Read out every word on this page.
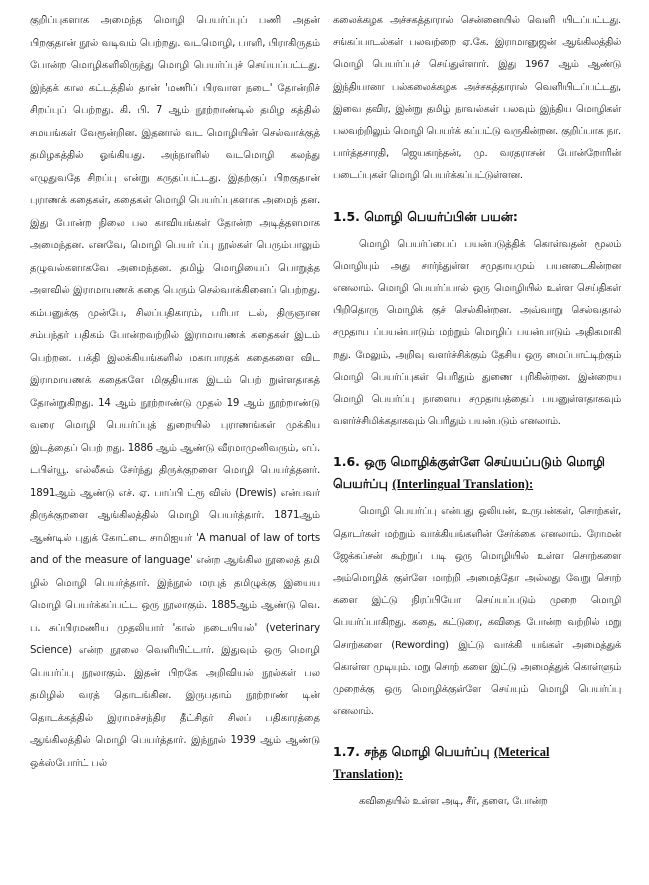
குறிப்புகளாக அமைந்த மொழி பெயர்ப்புப் பணி அதன் பிறகுதான் நூல் வடிவம் பெற்றது. வடமொழி, பாளி, பிராகிருதம் போன்ற மொழிகளிலிருந்து மொழி பெயர்ப்புச் செய்யப்பட்டது. இந்தக் கால கட்டத்தில் தான் 'மணிப் பிரவாள நடை' தோன்றிச் சிறப்புப் பெற்றது. கி. பி. 7 ஆம் நூற்றாண்டில் தமிழ கத்தில் சமயங்கள் வேரூன்றின. இதனால் வட மொழியின் செல்வாக்குத் தமிழகத்தில் ஓங்கியது. அந்நாளில் வடமொழி கலந்து எழுதுவதே சிறப்பு என்று கருதப்பட்டது. இதற்குப் பிறகுதான் புராணக் கதைகள், கதைகள் மொழி பெயர்ப்புகளாக அமைந் தன. இது போன்ற நிலை பல காவியங்கள் தோன்ற அடித்தளமாக அமைந்தன. எனவே, மொழி பெயர் ப்பு நூல்கள் பெரும்பாலும் தழுவல்களாகவே அமைந்தன. தமிழ் மொழியைப் பொறுத்த அளவில் இராமாயணக் கதை பெரும் செல்வாக்கினைப் பெற்றது. கம்பனுக்கு முன்பே, சிலப்பதிகாரம், பரிபா டல், திருஞான சம்பந்தர் பதிகம் போன்றவற்றில் இராமாயணக் கதைகள் இடம் பெற்றன. பக்தி இலக்கியங்களில் மகாபாரதக் கதைகளை விட இராமாயணக் கதைகளே மிகுதியாக இடம் பெற் றுள்ளதாகத் தோன்றுகிறது. 14 ஆம் நூற்றாண்டு முதல் 19 ஆம் நூற்றாண்டு வரை மொழி பெயர்ப்புத் துறையில் புராணங்கள் முக்கிய இடத்தைப் பெற் றது. 1886 ஆம் ஆண்டு வீரமாமுனிவரும், எப். டபிள்யூ. எல்லீசும் சேர்ந்து திருக்குறளை மொழி பெயர்த்தனர். 1891ஆம் ஆண்டு எச். ஏ. பாப்பி ட்ரூ விஸ் (Drewis) என்பவர் திருக்குறளை ஆங்கிலத்தில் மொழி பெயர்த்தார். 1871ஆம் ஆண்டில் புதுக் கோட்டை சாமிஐயர் 'A manual of law of torts and of the measure of language' என்ற ஆங்கில நூலைத் தமி ழில் மொழி பெயர்த்தார். இந்நூல் மரபுத் தமிழுக்கு இயைய மொழி பெயர்க்கப்பட்ட ஒரு நூலாகும். 1885ஆம் ஆண்டு வெ. ப. சுப்பிரமணிய முதலியார் 'கால் நடையியல்' (veterinary Science) என்ற நூலை வெளியிட்டார். இதுவும் ஒரு மொழி பெயர்ப்பு நூலாகும். இதன் பிறகே அறிவியல் நூல்கள் பல தமிழில் வரத் தொடங்கின. இருபதாம் நூற்றாண் டின் தொடக்கத்தில் இராமச்சந்திர தீட்சிதர் சிலப் பதிகாரத்தை ஆங்கிலத்தில் மொழி பெயர்த்தார். இந்நூல் 1939 ஆம் ஆண்டு ஒக்ஸ்போர்ட் பல்

கலைக்கழக அச்சகத்தாரால் சென்னையில் வெளி யிடப்பட்டது. சங்கப்பாடல்கள் பலவற்றை ஏ.கே. இராமானுஜன் ஆங்கிலத்தில் மொழி பெயர்ப்புச் செய்துள்ளார். இது 1967 ஆம் ஆண்டு இந்தியானா பல்கலைக்கழக அச்சகத்தாரால் வெளியிடப்பட்டது, இவை தவிர, இன்று தமிழ் நாவல்கள் பலவும் இந்திய மொழிகள் பலவற்றிலும் மொழி பெயர்க் கப்பட்டு வருகின்றன. குறிப்பாக நா. பார்த்தசாரதி, ஜெயகாந்தன், மு. வரதராசன் போன்றோரின் படைப்புகள் மொழி பெயர்க்கப்பட்டுள்ளன.

1.5. மொழி பெயர்ப்பின் பயன்:

மொழி பெயர்ப்பைப் பயன்படுத்திக் கொள்வதன் மூலம் மொழியும் அது சார்ந்துள்ள சமுதாயமும் பயனடைகின்றன எனலாம். மொழி பெயர்ப்பால் ஒரு மொழியில் உள்ள செய்திகள் பிறிதொரு மொழிக் குச் செல்கின்றன. அவ்வாறு செல்வதால் சமுதாய ப்பயன்பாடும் மற்றும் மொழிப் பயன்பாடும் அதிகமாகி றது. மேலும், அறிவு வளர்ச்சிக்கும் தேசிய ஒரு மைப்பாட்டிற்கும் மொழி பெயர்ப்புகள் பெரிதும் துணை புரிகின்றன. இன்றைய மொழி பெயர்ப்பு நாளைய சமுதாயத்தைப் பயனுள்ளதாகவும் வளர்ச்சிமிக்கதாகவும் பெரிதும் பயன்படும் எனலாம்.

1.6. ஒரு மொழிக்குள்ளே செய்யப்படும் மொழி பெயர்ப்பு (Interlingual Translation):

மொழி பெயர்ப்பு என்பது ஒலியன், உருபன்கள், சொற்கள், தொடர்கள் மற்றும் வாக்கியங்களின் சேர்க்கை எனலாம். ரோமன் ஜேக்கப்சன் கூற்றுப் படி ஒரு மொழியில் உள்ள சொற்களை அம்மொழிக் குள்ளே மாற்றி அமைத்தோ அல்லது வேறு சொற் களை இட்டு நிரப்பியோ செய்யப்படும் முறை மொழி பெயர்ப்பாகிறது. கதை, கட்டுரை, கவிதை போன்ற வற்றில் மறு சொற்களை (Rewording) இட்டு வாக்கி யங்கள் அமைத்துக் கொள்ள முடியும். மறு சொற் களை இட்டு அமைத்துக் கொள்ளும் முறைக்கு ஒரு மொழிக்குள்ளே செய்யும் மொழி பெயர்ப்பு எனலாம்.

1.7. சந்த மொழி பெயர்ப்பு (Meterical Translation):

கவிதையில் உள்ள அடி, சீர், தளை, போன்ற
